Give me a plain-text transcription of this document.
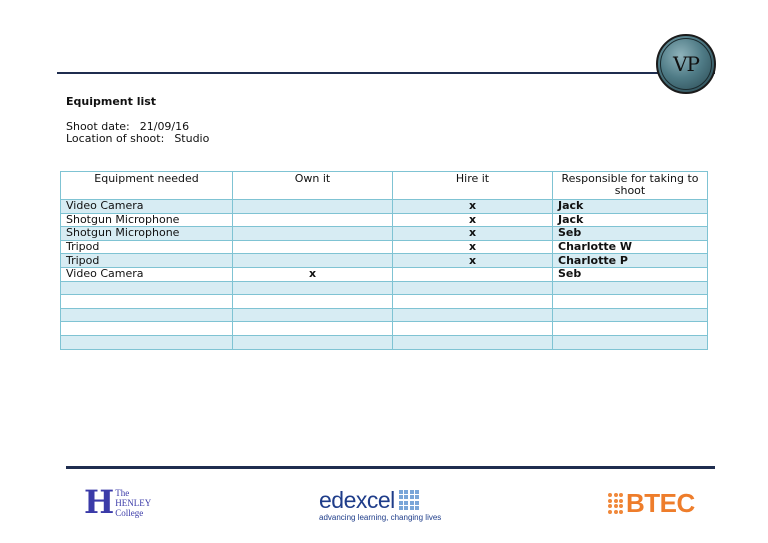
VP
Equipment list
Shoot date: 21/09/16
Location of shoot: Studio
Equipment needed	Own it	Hire it	Responsible for taking to shoot
Video Camera		x	Jack
Shotgun Microphone		x	Jack
Shotgun Microphone		x	Seb
Tripod		x	Charlotte W
Tripod		x	Charlotte P
Video Camera	x		Seb

H The
HENLEY
College	edexcel
advancing learning, changing lives	BTEC
